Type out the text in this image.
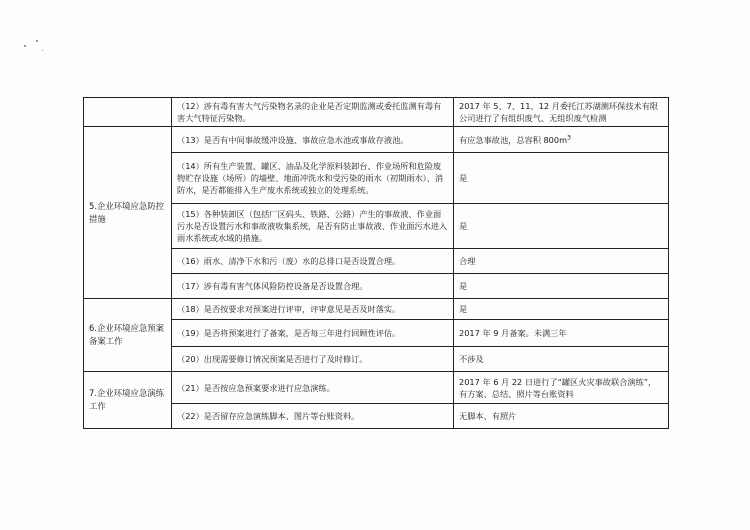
	（12）涉有毒有害大气污染物名录的企业是否定期监测或委托监测有毒有害大气特征污染物。	2017 年 5、7、11、12 月委托江苏湖测环保技术有限公司进行了有组织废气、无组织废气检测
5.企业环境应急防控措施	（13）是否有中间事故缓冲设施、事故应急水池或事故存液池。	有应急事故池，总容积 $800m^3$
	（14）所有生产装置、罐区、油品及化学原料装卸台、作业场所和危险废物贮存设施（场所）的墙壁、地面冲洗水和受污染的雨水（初期雨水）、消防水，是否都能排入生产废水系统或独立的处理系统。	是
	（15）各种装卸区（包括厂区码头、铁路、公路）产生的事故液、作业面污水是否设置污水和事故液收集系统，是否有防止事故液、作业面污水进入雨水系统或水域的措施。	是
	（16）雨水、清净下水和污（废）水的总排口是否设置合理。	合理
	（17）涉有毒有害气体风险防控设备是否设置合理。	是
6.企业环境应急预案备案工作	（18）是否按要求对预案进行评审，评审意见是否及时落实。	是
	（19）是否将预案进行了备案，是否每三年进行回顾性评估。	2017 年 9 月备案。未满三年
	（20）出现需要修订情况预案是否进行了及时修订。	不涉及
7.企业环境应急演练工作	（21）是否按应急预案要求进行应急演练。	2017 年 6 月 22 日进行了“罐区火灾事故联合演练”，有方案、总结、照片等台账资料
	（22）是否留存应急演练脚本、图片等台账资料。	无脚本、有照片
